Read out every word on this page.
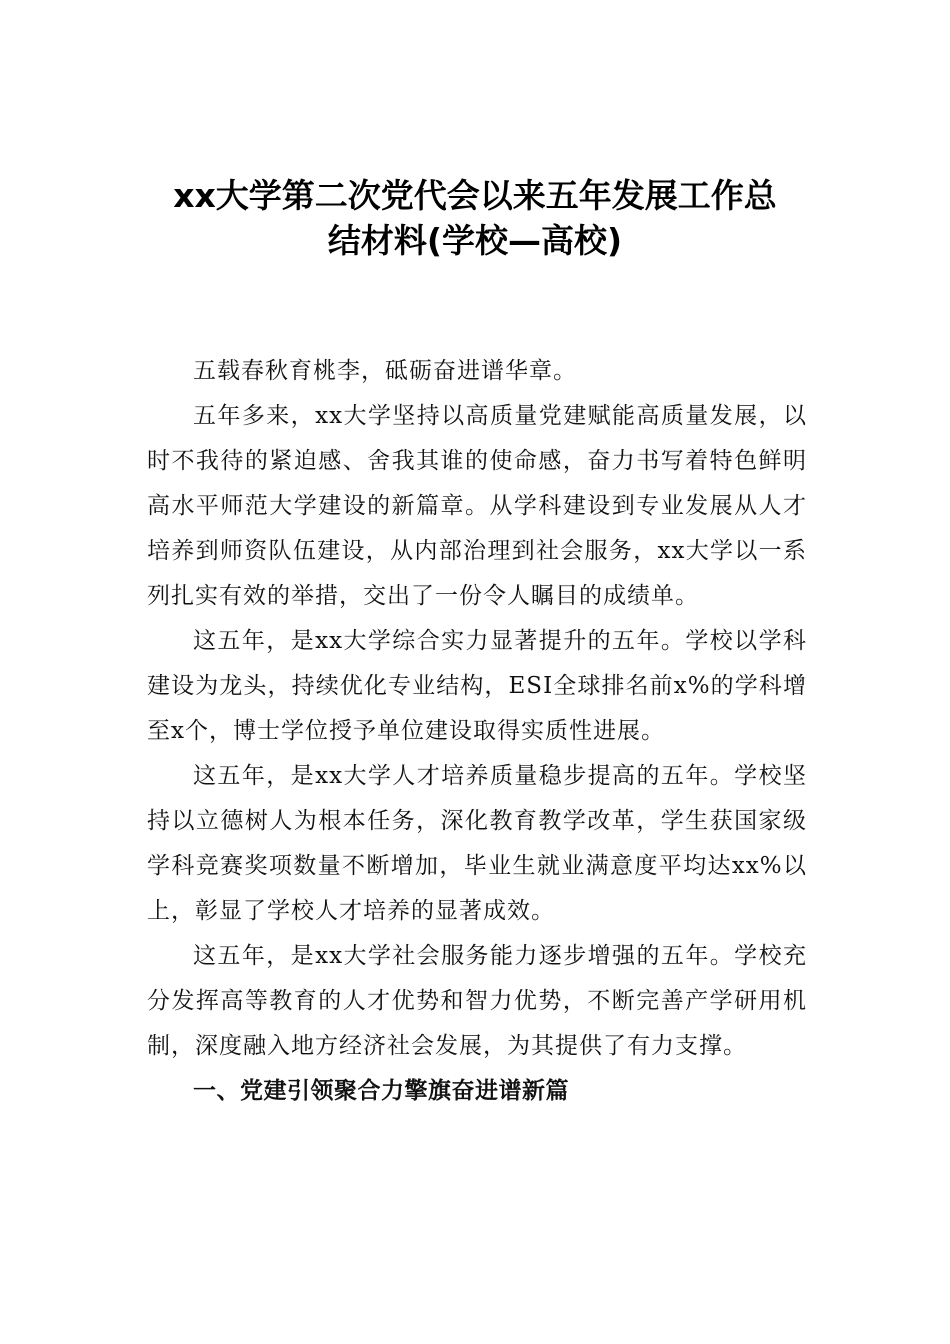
xx大学第二次党代会以来五年发展工作总
结材料(学校—高校)

五载春秋育桃李，砥砺奋进谱华章。

五年多来，xx大学坚持以高质量党建赋能高质量发展，以时不我待的紧迫感、舍我其谁的使命感，奋力书写着特色鲜明高水平师范大学建设的新篇章。从学科建设到专业发展从人才培养到师资队伍建设，从内部治理到社会服务，xx大学以一系列扎实有效的举措，交出了一份令人瞩目的成绩单。

这五年，是xx大学综合实力显著提升的五年。学校以学科建设为龙头，持续优化专业结构，ESI全球排名前x%的学科增至x个，博士学位授予单位建设取得实质性进展。

这五年，是xx大学人才培养质量稳步提高的五年。学校坚持以立德树人为根本任务，深化教育教学改革，学生获国家级学科竞赛奖项数量不断增加，毕业生就业满意度平均达xx%以上，彰显了学校人才培养的显著成效。

这五年，是xx大学社会服务能力逐步增强的五年。学校充分发挥高等教育的人才优势和智力优势，不断完善产学研用机制，深度融入地方经济社会发展，为其提供了有力支撑。

一、党建引领聚合力擎旗奋进谱新篇
